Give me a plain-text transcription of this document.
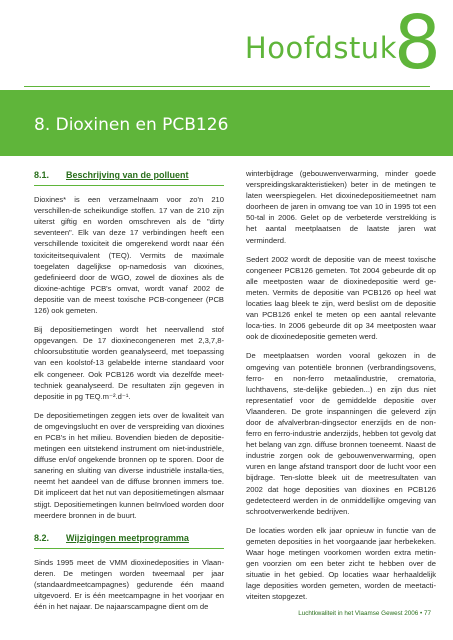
Hoofdstuk
8
8. Dioxinen en PCB126
8.1. Beschrijving van de polluent

Dioxines* is een verzamelnaam voor zo'n 210 verschillen-de scheikundige stoffen. 17 van de 210 zijn uiterst giftig en worden omschreven als de "dirty seventeen". Elk van deze 17 verbindingen heeft een verschillende toxiciteit die omgerekend wordt naar één toxiciteitsequivalent (TEQ). Vermits de maximale toegelaten dagelijkse op-namedosis van dioxines, gedefinieerd door de WGO, zowel de dioxines als de dioxine-achtige PCB's omvat, wordt vanaf 2002 de depositie van de meest toxische PCB-congeneer (PCB 126) ook gemeten.

Bij depositiemetingen wordt het neervallend stof opgevangen. De 17 dioxinecongeneren met 2,3,7,8-chloorsubstitutie worden geanalyseerd, met toepassing van een koolstof-13 gelabelde interne standaard voor elk congeneer. Ook PCB126 wordt via dezelfde meet-techniek geanalyseerd. De resultaten zijn gegeven in depositie in pg TEQ.m⁻².d⁻¹.

De depositiemetingen zeggen iets over de kwaliteit van de omgevingslucht en over de verspreiding van dioxines en PCB's in het milieu. Bovendien bieden de depositie-metingen een uitstekend instrument om niet-industriële, diffuse en/of ongekende bronnen op te sporen. Door de sanering en sluiting van diverse industriële installa-ties, neemt het aandeel van de diffuse bronnen immers toe. Dit impliceert dat het nut van depositiemetingen alsmaar stijgt. Depositiemetingen kunnen beïnvloed worden door meerdere bronnen in de buurt.

8.2. Wijzigingen meetprogramma

Sinds 1995 meet de VMM dioxinedeposities in Vlaan-deren. De metingen worden tweemaal per jaar (standaardmeetcampagnes) gedurende één maand uitgevoerd. Er is één meetcampagne in het voorjaar en één in het najaar. De najaarscampagne dient om de

winterbijdrage (gebouwenverwarming, minder goede verspreidingskarakteristieken) beter in de metingen te laten weerspiegelen. Het dioxinedepositiemeetnet nam doorheen de jaren in omvang toe van 10 in 1995 tot een 50-tal in 2006. Gelet op de verbeterde verstrekking is het aantal meetplaatsen de laatste jaren wat verminderd.

Sedert 2002 wordt de depositie van de meest toxische congeneer PCB126 gemeten. Tot 2004 gebeurde dit op alle meetposten waar de dioxinedepositie werd ge-meten. Vermits de depositie van PCB126 op heel wat locaties laag bleek te zijn, werd beslist om de depositie van PCB126 enkel te meten op een aantal relevante loca-ties. In 2006 gebeurde dit op 34 meetposten waar ook de dioxinedepositie gemeten werd.

De meetplaatsen worden vooral gekozen in de omgeving van potentiële bronnen (verbrandingsovens, ferro- en non-ferro metaalindustrie, crematoria, luchthavens, ste-delijke gebieden...) en zijn dus niet representatief voor de gemiddelde depositie over Vlaanderen. De grote inspanningen die geleverd zijn door de afvalverbran-dingsector enerzijds en de non-ferro en ferro-industrie anderzijds, hebben tot gevolg dat het belang van zgn. diffuse bronnen toeneemt. Naast de industrie zorgen ook de gebouwenverwarming, open vuren en lange afstand transport door de lucht voor een bijdrage. Ten-slotte bleek uit de meetresultaten van 2002 dat hoge deposities van dioxines en PCB126 gedetecteerd werden in de onmiddellijke omgeving van schrootverwerkende bedrijven.

De locaties worden elk jaar opnieuw in functie van de gemeten deposities in het voorgaande jaar herbekeken. Waar hoge metingen voorkomen worden extra metin-gen voorzien om een beter zicht te hebben over de situatie in het gebied. Op locaties waar herhaaldelijk lage deposities worden gemeten, worden de meetacti-viteiten stopgezet.

Luchtkwaliteit in het Vlaamse Gewest 2006 • 77
